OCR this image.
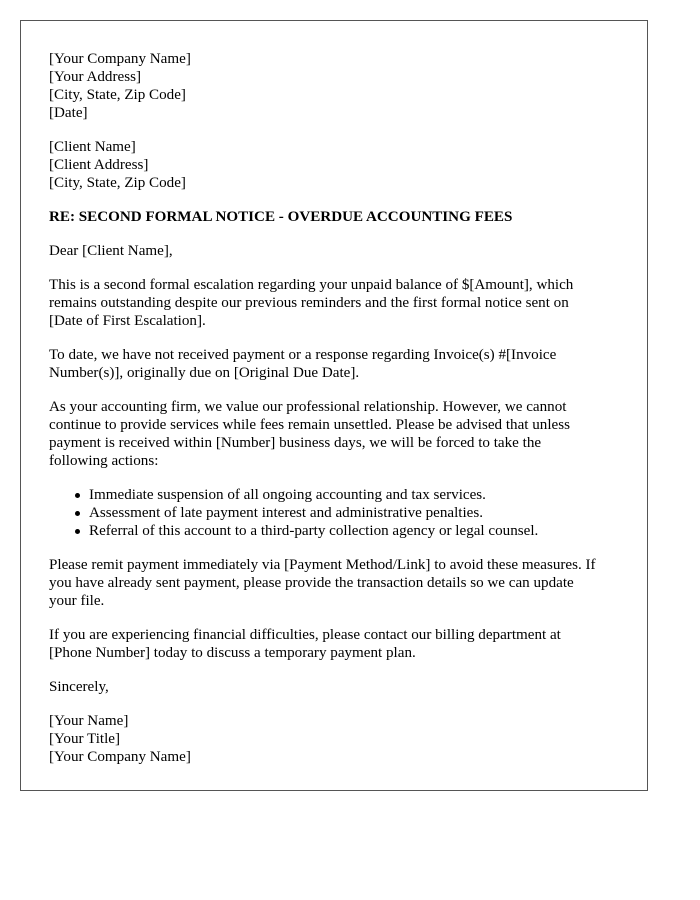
[Your Company Name]
[Your Address]
[City, State, Zip Code]
[Date]
[Client Name]
[Client Address]
[City, State, Zip Code]
RE: SECOND FORMAL NOTICE - OVERDUE ACCOUNTING FEES
Dear [Client Name],
This is a second formal escalation regarding your unpaid balance of $[Amount], which
remains outstanding despite our previous reminders and the first formal notice sent on
[Date of First Escalation].
To date, we have not received payment or a response regarding Invoice(s) #[Invoice
Number(s)], originally due on [Original Due Date].
As your accounting firm, we value our professional relationship. However, we cannot
continue to provide services while fees remain unsettled. Please be advised that unless
payment is received within [Number] business days, we will be forced to take the
following actions:
Immediate suspension of all ongoing accounting and tax services.
Assessment of late payment interest and administrative penalties.
Referral of this account to a third-party collection agency or legal counsel.
Please remit payment immediately via [Payment Method/Link] to avoid these measures. If
you have already sent payment, please provide the transaction details so we can update
your file.
If you are experiencing financial difficulties, please contact our billing department at
[Phone Number] today to discuss a temporary payment plan.
Sincerely,
[Your Name]
[Your Title]
[Your Company Name]
